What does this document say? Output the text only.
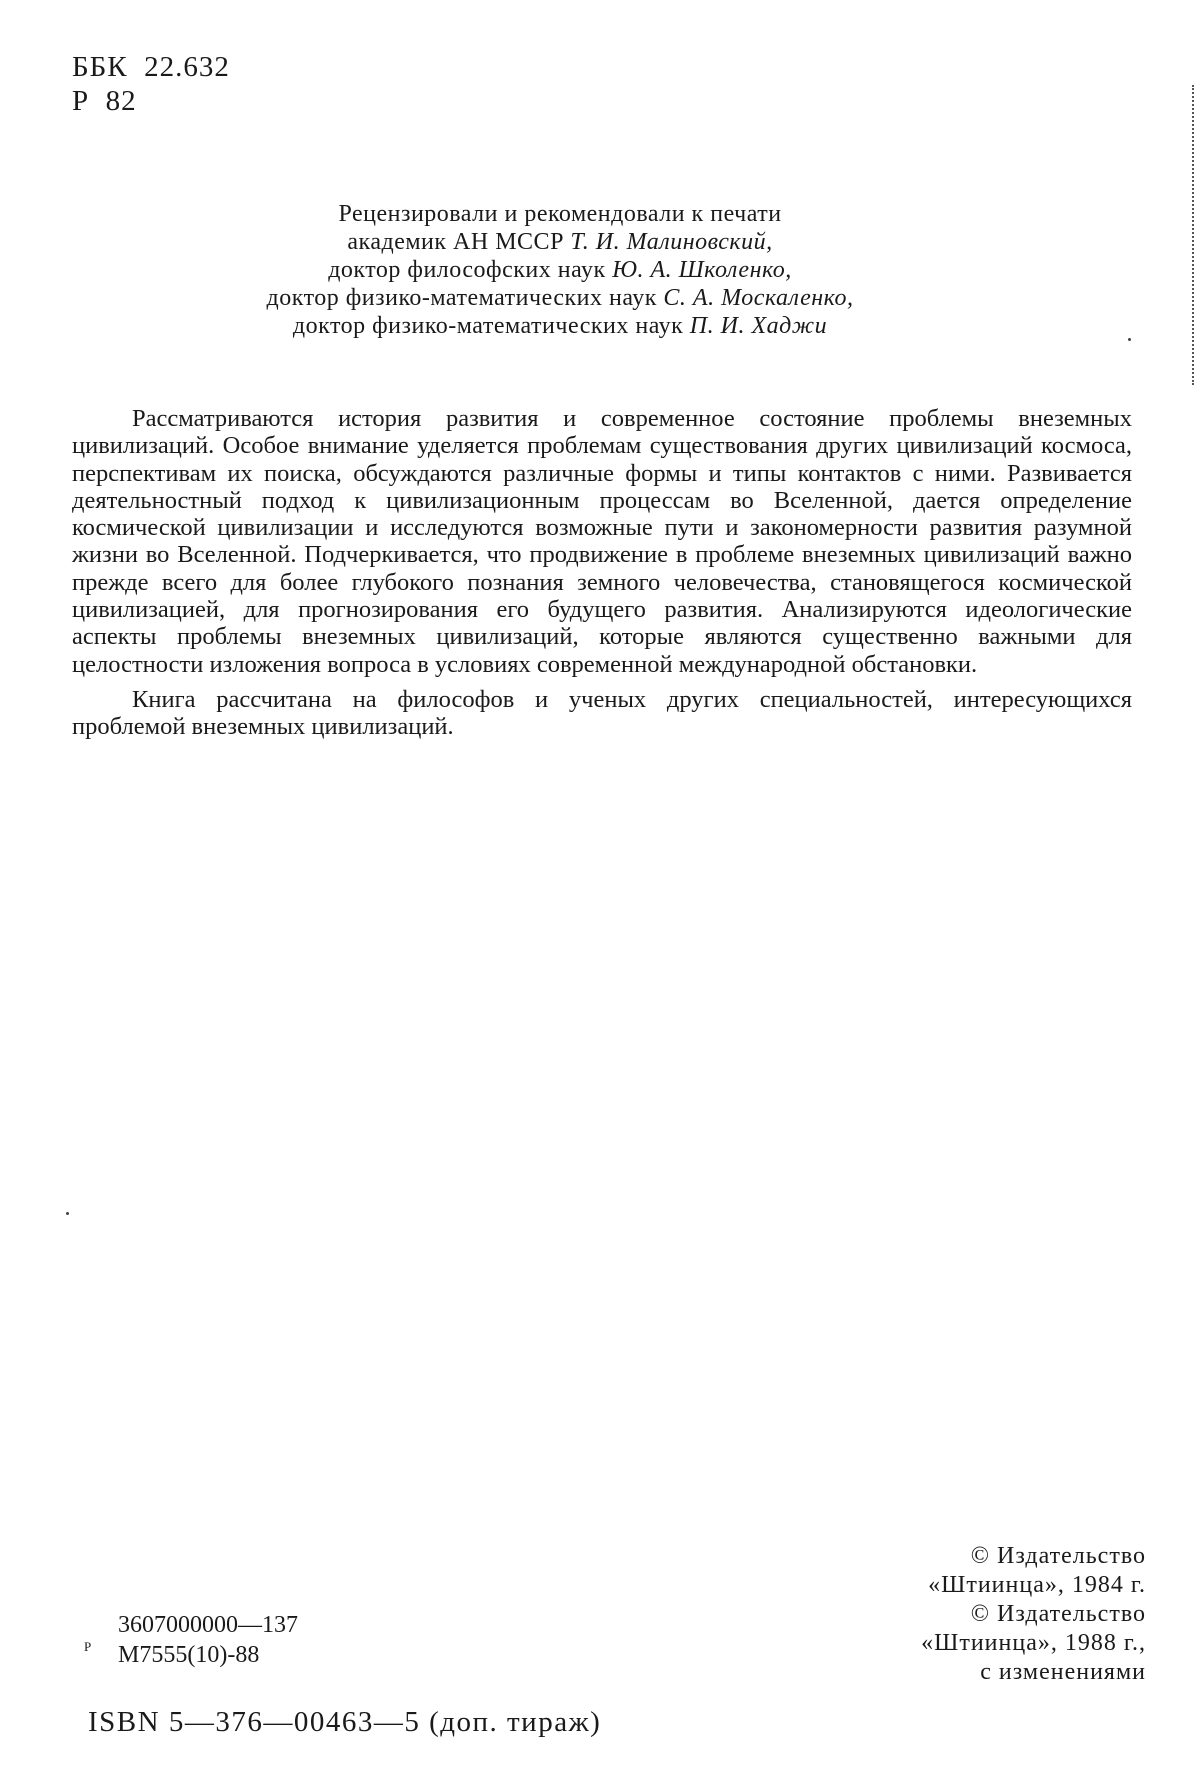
ББК  22.632
Р  82
Рецензировали и рекомендовали к печати
академик АН МССР Т. И. Малиновский,
доктор философских наук Ю. А. Школенко,
доктор физико-математических наук С. А. Москаленко,
доктор физико-математических наук П. И. Хаджи

Рассматриваются история развития и современное состояние проблемы внеземных цивилизаций. Особое внимание уделяется проблемам существования других цивилизаций космоса, перспективам их поиска, обсуждаются различные формы и типы контактов с ними. Развивается деятельностный подход к цивилизационным процессам во Вселенной, дается определение космической цивилизации и исследуются возможные пути и закономерности развития разумной жизни во Вселенной. Подчеркивается, что продвижение в проблеме внеземных цивилизаций важно прежде всего для более глубокого познания земного человечества, становящегося космической цивилизацией, для прогнозирования его будущего развития. Анализируются идеологические аспекты проблемы внеземных цивилизаций, которые являются существенно важными для целостности изложения вопроса в условиях современной международной обстановки.

Книга рассчитана на философов и ученых других специальностей, интересующихся проблемой внеземных цивилизаций.

Р
3607000000—137
М7555(10)-88
© Издательство
«Штиинца», 1984 г.
© Издательство
«Штиинца», 1988 г.,
с изменениями
ISBN 5—376—00463—5 (доп. тираж)
